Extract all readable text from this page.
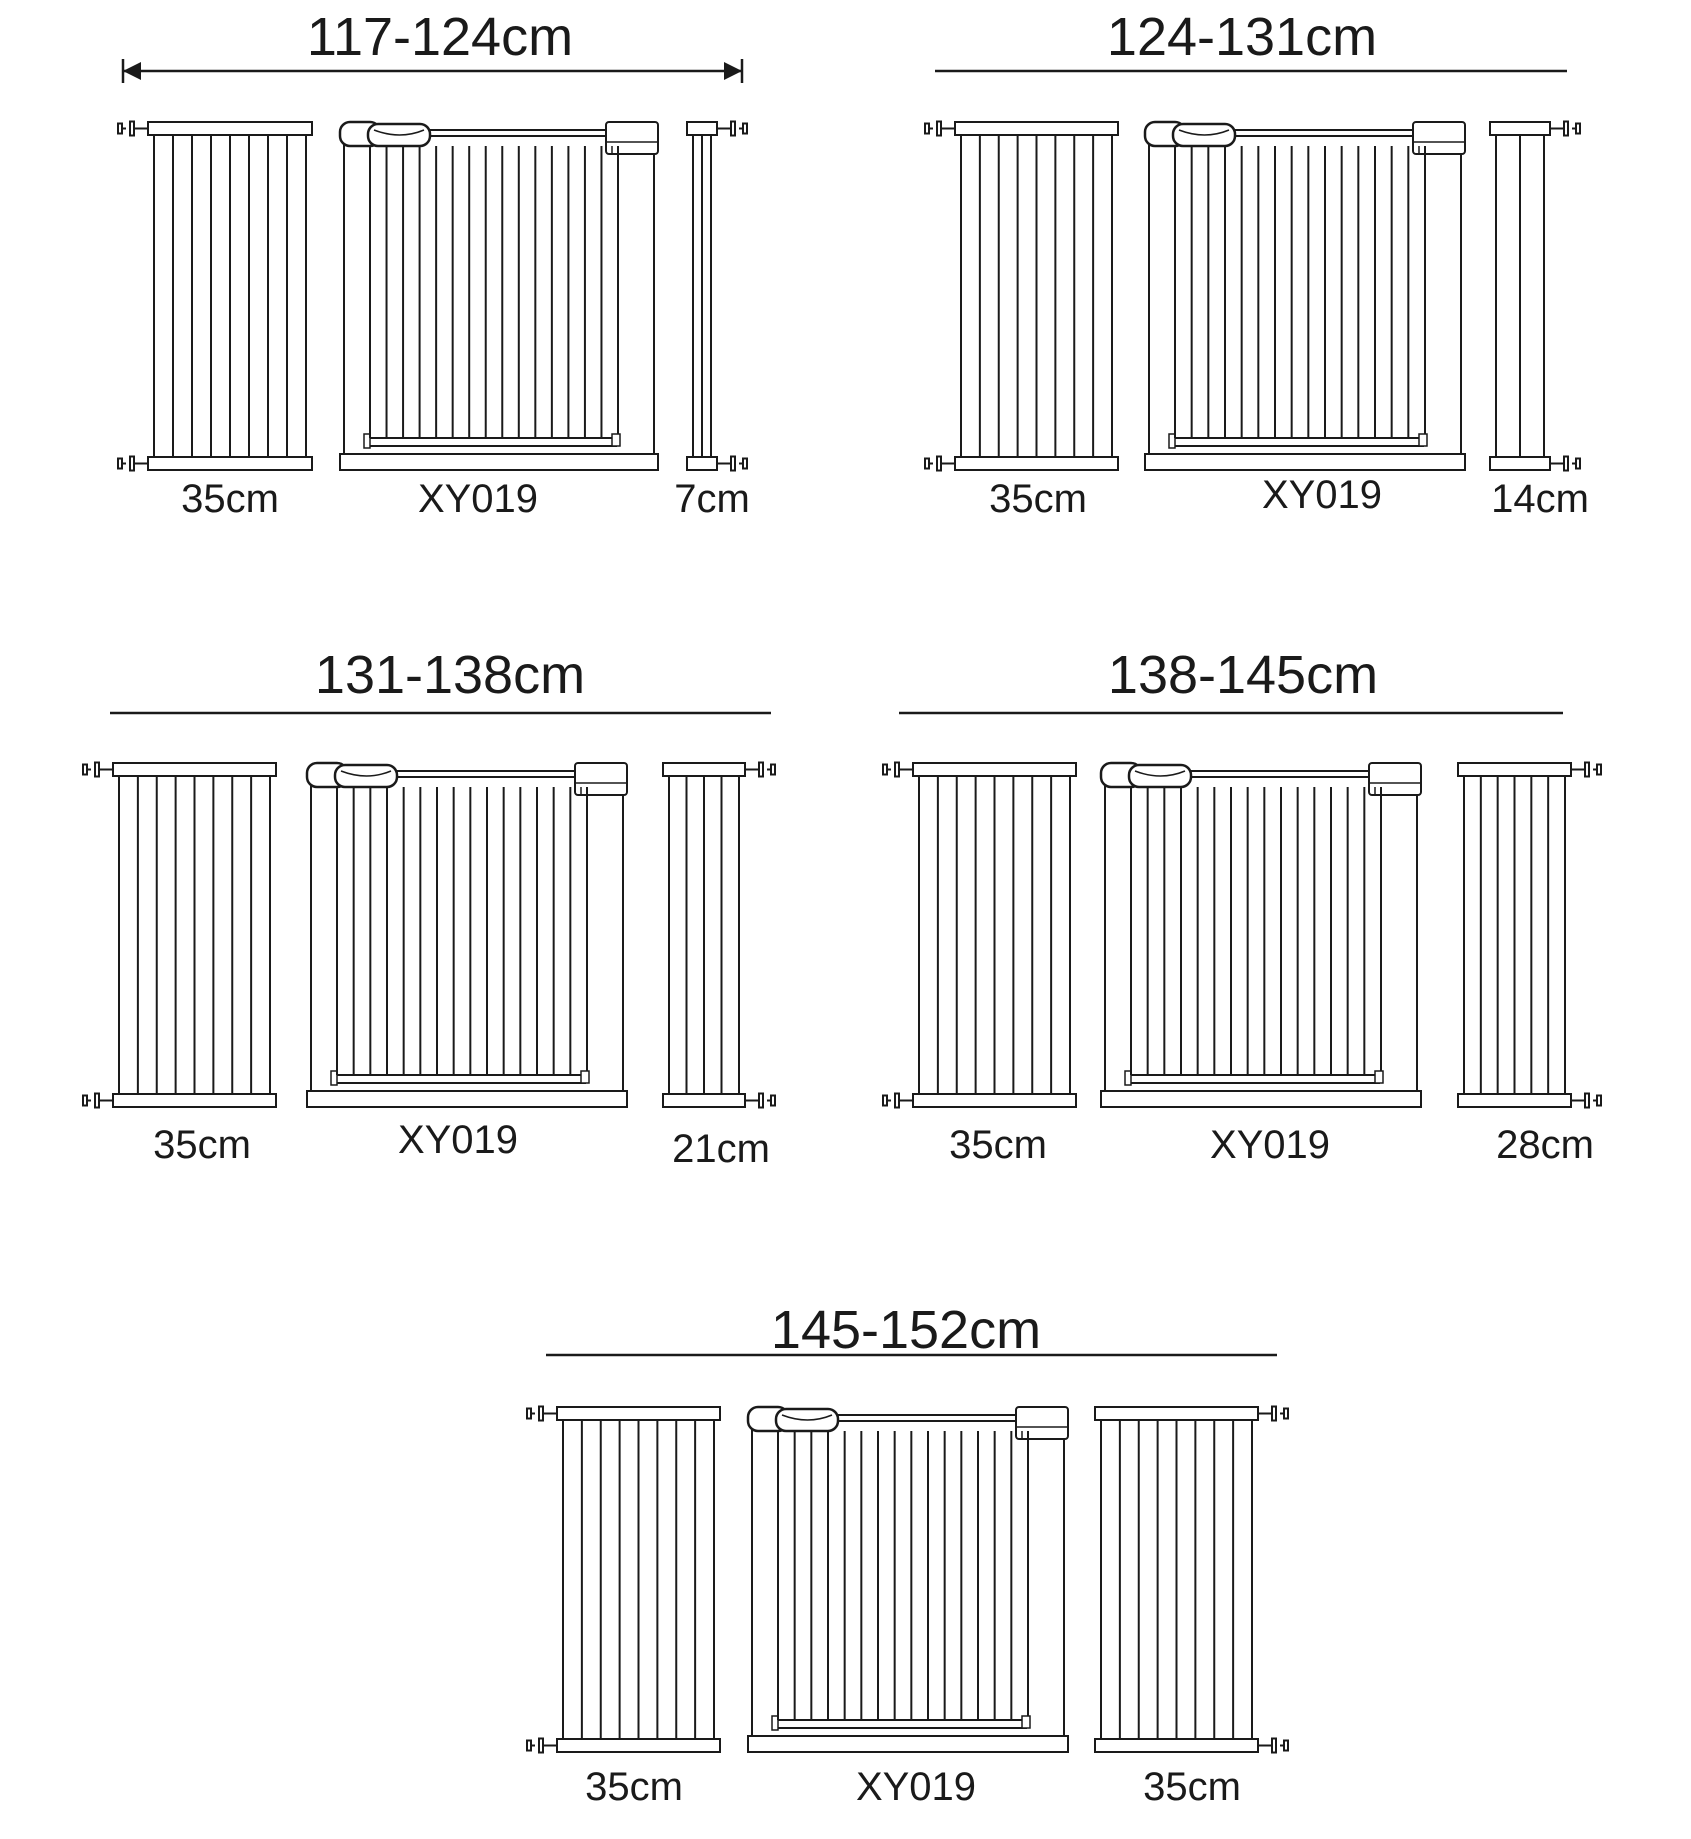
117-124cm
35cm	XY019	7cm
124-131cm
35cm	XY019	14cm
131-138cm
35cm	XY019	21cm
138-145cm
35cm	XY019	28cm
145-152cm
35cm	XY019	35cm
